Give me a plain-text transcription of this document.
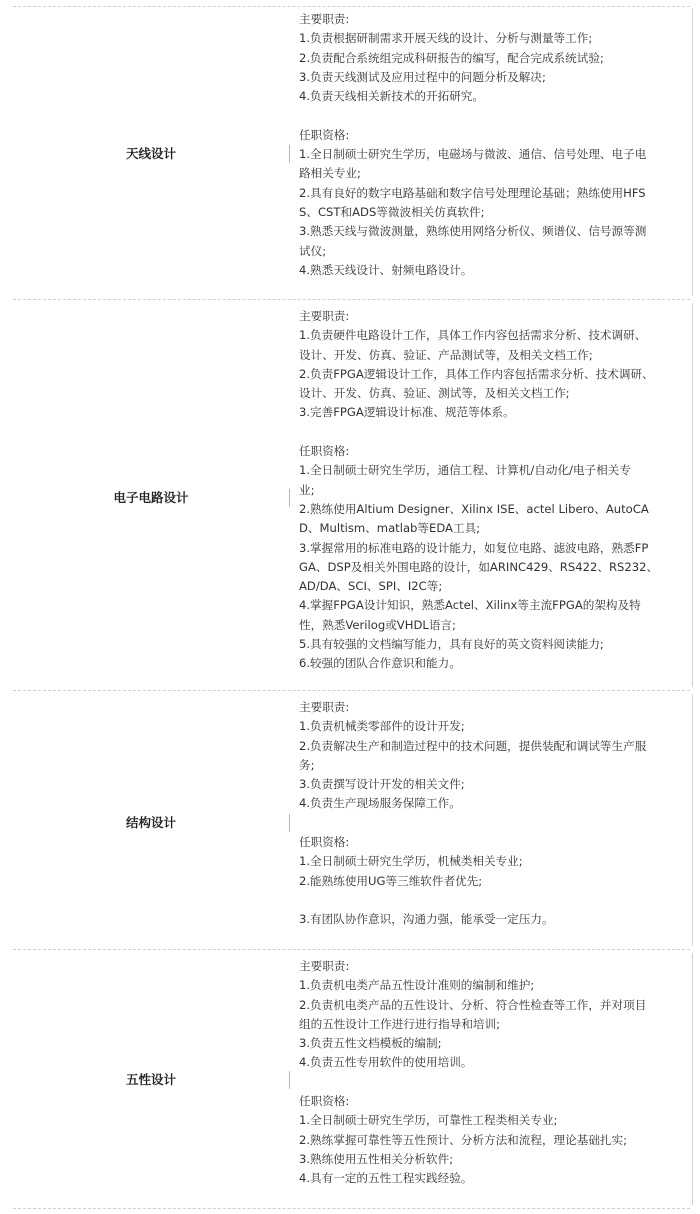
天线设计
主要职责:
1.负责根据研制需求开展天线的设计、分析与测量等工作;
2.负责配合系统组完成科研报告的编写，配合完成系统试验;
3.负责天线测试及应用过程中的问题分析及解决;
4.负责天线相关新技术的开拓研究。
任职资格:
1.全日制硕士研究生学历，电磁场与微波、通信、信号处理、电子电
路相关专业;
2.具有良好的数字电路基础和数字信号处理理论基础；熟练使用HFS
S、CST和ADS等微波相关仿真软件;
3.熟悉天线与微波测量，熟练使用网络分析仪、频谱仪、信号源等测
试仪;
4.熟悉天线设计、射频电路设计。
电子电路设计
主要职责:
1.负责硬件电路设计工作，具体工作内容包括需求分析、技术调研、
设计、开发、仿真、验证、产品测试等，及相关文档工作;
2.负责FPGA逻辑设计工作，具体工作内容包括需求分析、技术调研、
设计、开发、仿真、验证、测试等，及相关文档工作;
3.完善FPGA逻辑设计标准、规范等体系。
任职资格:
1.全日制硕士研究生学历，通信工程、计算机/自动化/电子相关专
业;
2.熟练使用Altium Designer、Xilinx ISE、actel Libero、AutoCA
D、Multism、matlab等EDA工具;
3.掌握常用的标准电路的设计能力，如复位电路、滤波电路，熟悉FP
GA、DSP及相关外围电路的设计，如ARINC429、RS422、RS232、
AD/DA、SCI、SPI、I2C等;
4.掌握FPGA设计知识，熟悉Actel、Xilinx等主流FPGA的架构及特
性，熟悉Verilog或VHDL语言;
5.具有较强的文档编写能力，具有良好的英文资料阅读能力;
6.较强的团队合作意识和能力。
结构设计
主要职责:
1.负责机械类零部件的设计开发;
2.负责解决生产和制造过程中的技术问题，提供装配和调试等生产服
务;
3.负责撰写设计开发的相关文件;
4.负责生产现场服务保障工作。
任职资格:
1.全日制硕士研究生学历，机械类相关专业;
2.能熟练使用UG等三维软件者优先;
3.有团队协作意识，沟通力强，能承受一定压力。
五性设计
主要职责:
1.负责机电类产品五性设计准则的编制和维护;
2.负责机电类产品的五性设计、分析、符合性检查等工作，并对项目
组的五性设计工作进行进行指导和培训;
3.负责五性文档模板的编制;
4.负责五性专用软件的使用培训。
任职资格:
1.全日制硕士研究生学历，可靠性工程类相关专业;
2.熟练掌握可靠性等五性预计、分析方法和流程，理论基础扎实;
3.熟练使用五性相关分析软件;
4.具有一定的五性工程实践经验。
